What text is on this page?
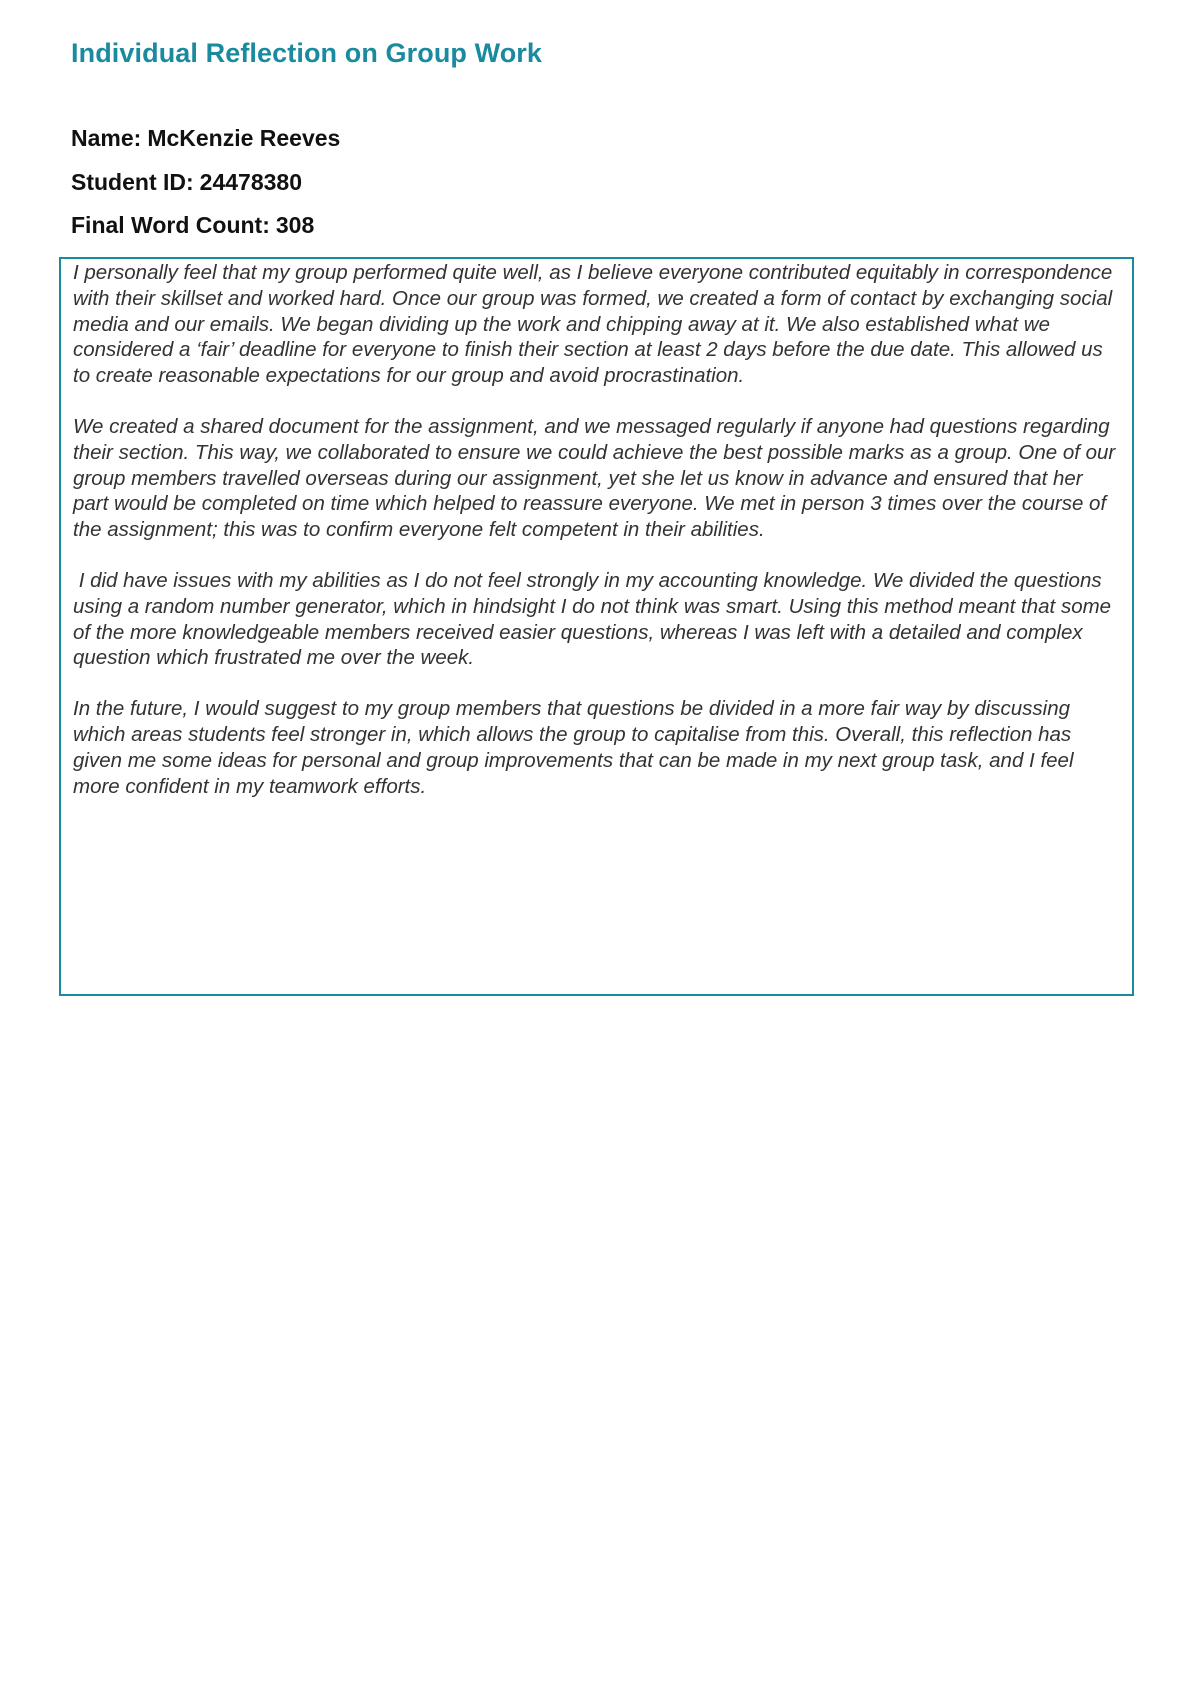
Individual Reflection on Group Work

Name: McKenzie Reeves

Student ID: 24478380

Final Word Count: 308

I personally feel that my group performed quite well, as I believe everyone contributed equitably in correspondence with their skillset and worked hard. Once our group was formed, we created a form of contact by exchanging social media and our emails. We began dividing up the work and chipping away at it. We also established what we considered a ‘fair’ deadline for everyone to finish their section at least 2 days before the due date. This allowed us to create reasonable expectations for our group and avoid procrastination.

We created a shared document for the assignment, and we messaged regularly if anyone had questions regarding their section. This way, we collaborated to ensure we could achieve the best possible marks as a group. One of our group members travelled overseas during our assignment, yet she let us know in advance and ensured that her part would be completed on time which helped to reassure everyone. We met in person 3 times over the course of the assignment; this was to confirm everyone felt competent in their abilities.

I did have issues with my abilities as I do not feel strongly in my accounting knowledge. We divided the questions using a random number generator, which in hindsight I do not think was smart. Using this method meant that some of the more knowledgeable members received easier questions, whereas I was left with a detailed and complex question which frustrated me over the week.

In the future, I would suggest to my group members that questions be divided in a more fair way by discussing which areas students feel stronger in, which allows the group to capitalise from this. Overall, this reflection has given me some ideas for personal and group improvements that can be made in my next group task, and I feel more confident in my teamwork efforts.
